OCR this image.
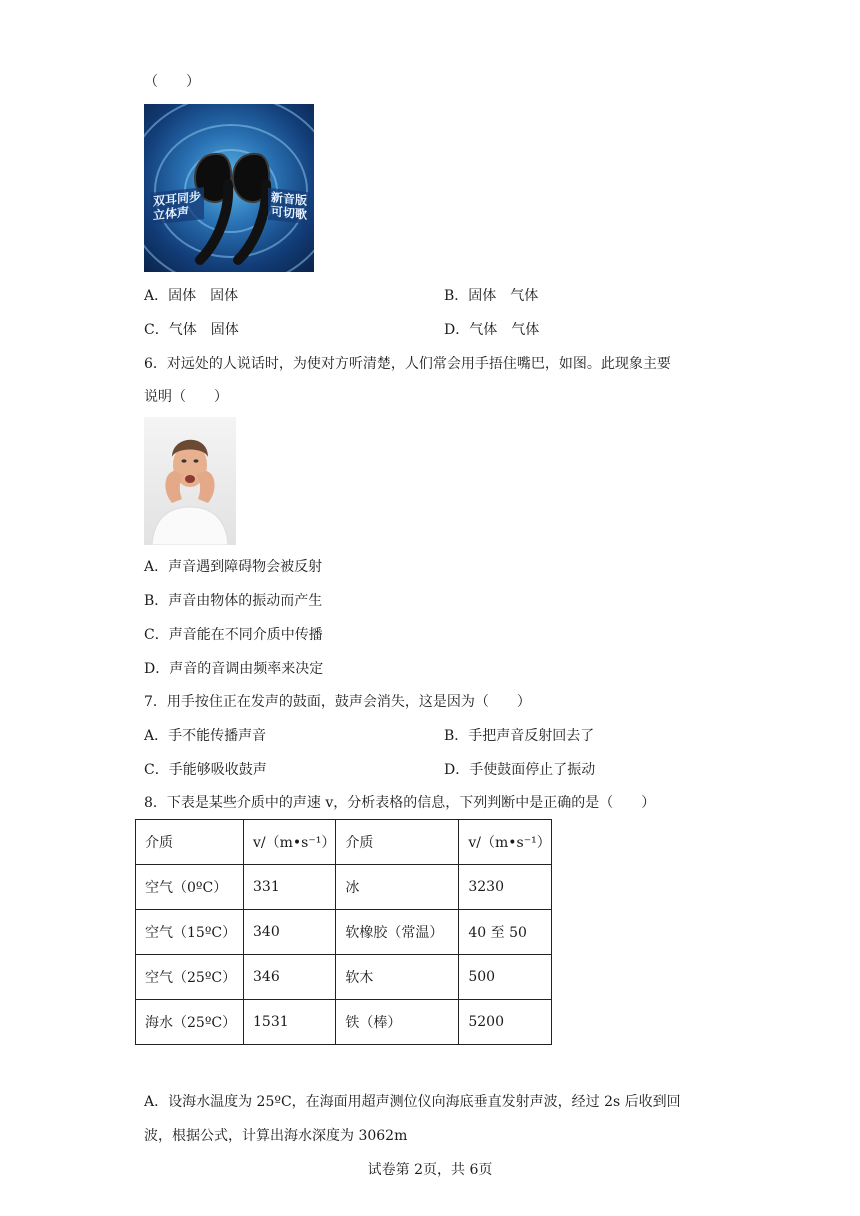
（　　）
双耳同步
立体声
新音版
可切歌
A．固体　固体	B．固体　气体
C．气体　固体	D．气体　气体
6．对远处的人说话时，为使对方听清楚，人们常会用手捂住嘴巴，如图。此现象主要
说明（　　）
A．声音遇到障碍物会被反射
B．声音由物体的振动而产生
C．声音能在不同介质中传播
D．声音的音调由频率来决定
7．用手按住正在发声的鼓面，鼓声会消失，这是因为（　　）
A．手不能传播声音	B．手把声音反射回去了
C．手能够吸收鼓声	D．手使鼓面停止了振动
8．下表是某些介质中的声速 v，分析表格的信息，下列判断中是正确的是（　　）
介质	v/（m•s⁻¹）	介质	v/（m•s⁻¹）
空气（0ºC）	331	冰	3230
空气（15ºC）	340	软橡胶（常温）	40 至 50
空气（25ºC）	346	软木	500
海水（25ºC）	1531	铁（棒）	5200
A．设海水温度为 25ºC，在海面用超声测位仪向海底垂直发射声波，经过 2s 后收到回
波，根据公式，计算出海水深度为 3062m
试卷第 2页，共 6页
